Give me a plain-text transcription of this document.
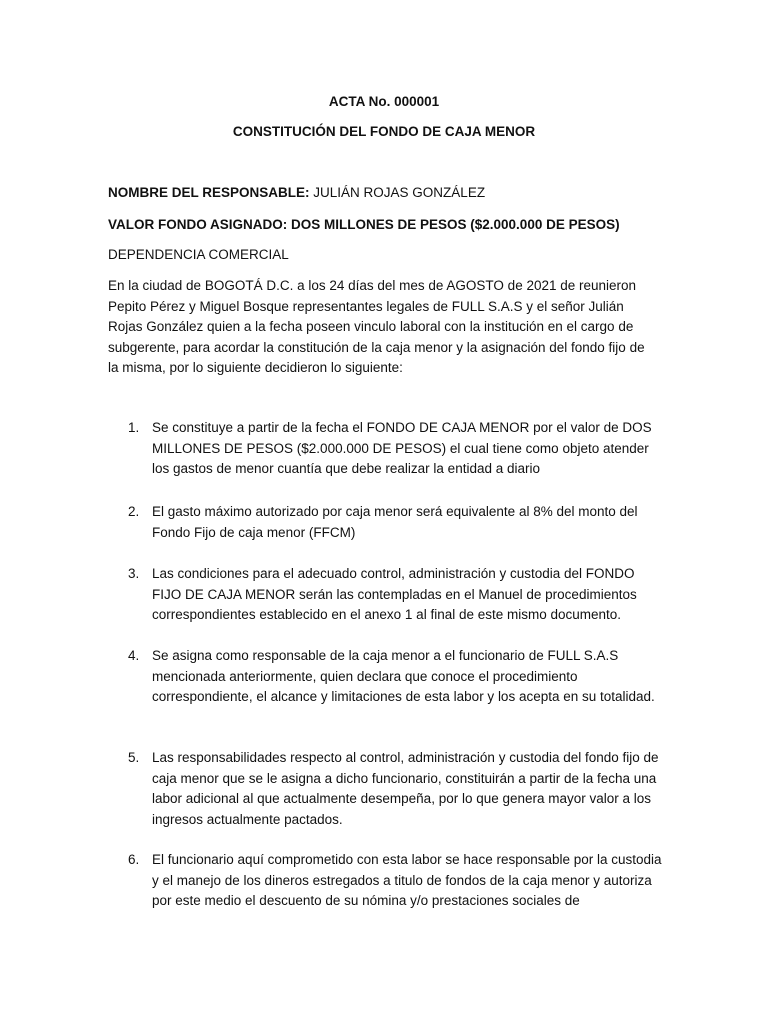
ACTA No. 000001
CONSTITUCIÓN DEL FONDO DE CAJA MENOR

NOMBRE DEL RESPONSABLE: JULIÁN ROJAS GONZÁLEZ

VALOR FONDO ASIGNADO: DOS MILLONES DE PESOS ($2.000.000 DE PESOS)

DEPENDENCIA COMERCIAL

En la ciudad de BOGOTÁ D.C. a los 24 días del mes de AGOSTO de 2021 de reunieron Pepito Pérez y Miguel Bosque representantes legales de FULL S.A.S y el señor Julián Rojas González quien a la fecha poseen vinculo laboral con la institución en el cargo de subgerente, para acordar la constitución de la caja menor y la asignación del fondo fijo de la misma, por lo siguiente decidieron lo siguiente:

1. Se constituye a partir de la fecha el FONDO DE CAJA MENOR por el valor de DOS MILLONES DE PESOS ($2.000.000 DE PESOS) el cual tiene como objeto atender los gastos de menor cuantía que debe realizar la entidad a diario

2. El gasto máximo autorizado por caja menor será equivalente al 8% del monto del Fondo Fijo de caja menor (FFCM)

3. Las condiciones para el adecuado control, administración y custodia del FONDO FIJO DE CAJA MENOR serán las contempladas en el Manuel de procedimientos correspondientes establecido en el anexo 1 al final de este mismo documento.

4. Se asigna como responsable de la caja menor a el funcionario de FULL S.A.S mencionada anteriormente, quien declara que conoce el procedimiento correspondiente, el alcance y limitaciones de esta labor y los acepta en su totalidad.

5. Las responsabilidades respecto al control, administración y custodia del fondo fijo de caja menor que se le asigna a dicho funcionario, constituirán a partir de la fecha una labor adicional al que actualmente desempeña, por lo que genera mayor valor a los ingresos actualmente pactados.

6. El funcionario aquí comprometido con esta labor se hace responsable por la custodia y el manejo de los dineros estregados a titulo de fondos de la caja menor y autoriza por este medio el descuento de su nómina y/o prestaciones sociales de
